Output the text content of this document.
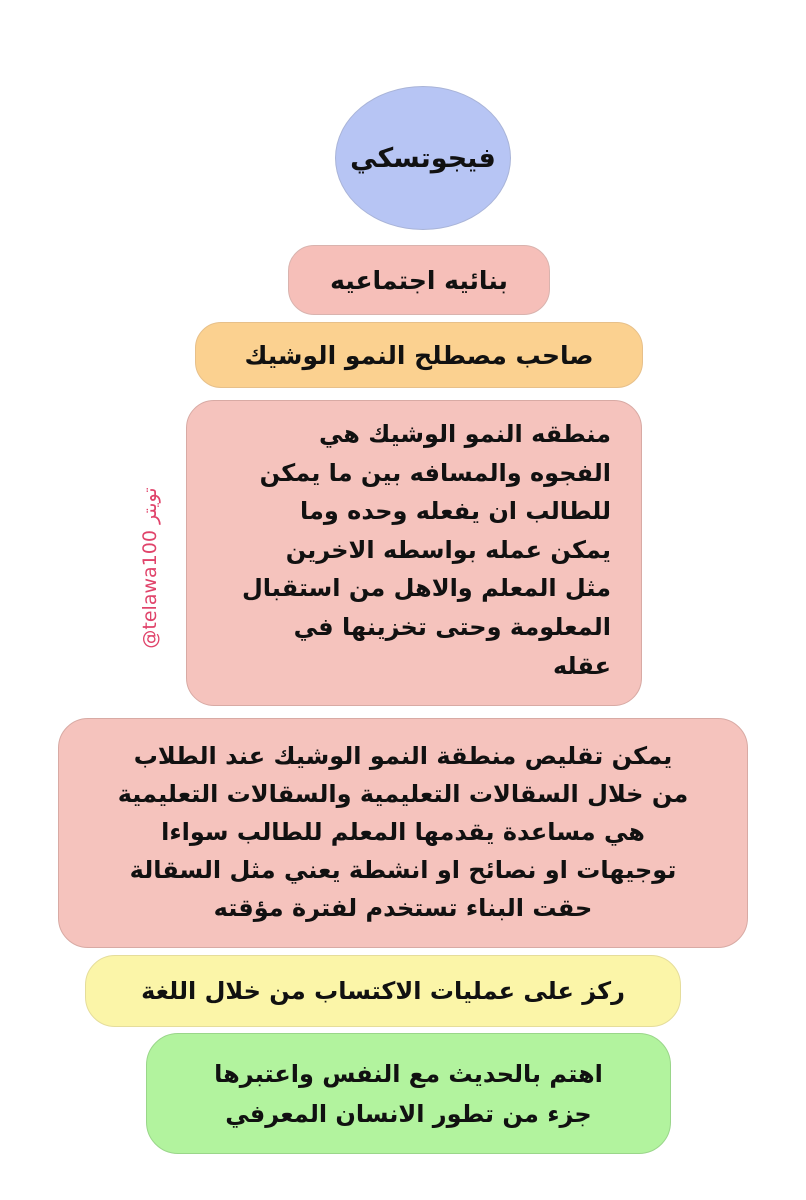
فيجوتسكي
بنائيه اجتماعيه
صاحب مصطلح النمو الوشيك
منطقه النمو الوشيك هي
الفجوه والمسافه بين ما يمكن
للطالب ان يفعله وحده وما
يمكن عمله بواسطه الاخرين
مثل المعلم والاهل من استقبال
المعلومة وحتى تخزينها في
عقله
يمكن تقليص منطقة النمو الوشيك عند الطلاب
من خلال السقالات التعليمية والسقالات التعليمية
هي مساعدة يقدمها المعلم للطالب سواءا
توجيهات او نصائح او انشطة يعني مثل السقالة
حقت البناء تستخدم لفترة مؤقته
ركز على عمليات الاكتساب من خلال اللغة
اهتم بالحديث مع النفس واعتبرها
جزء من تطور الانسان المعرفي
@telawa100 تويتر
